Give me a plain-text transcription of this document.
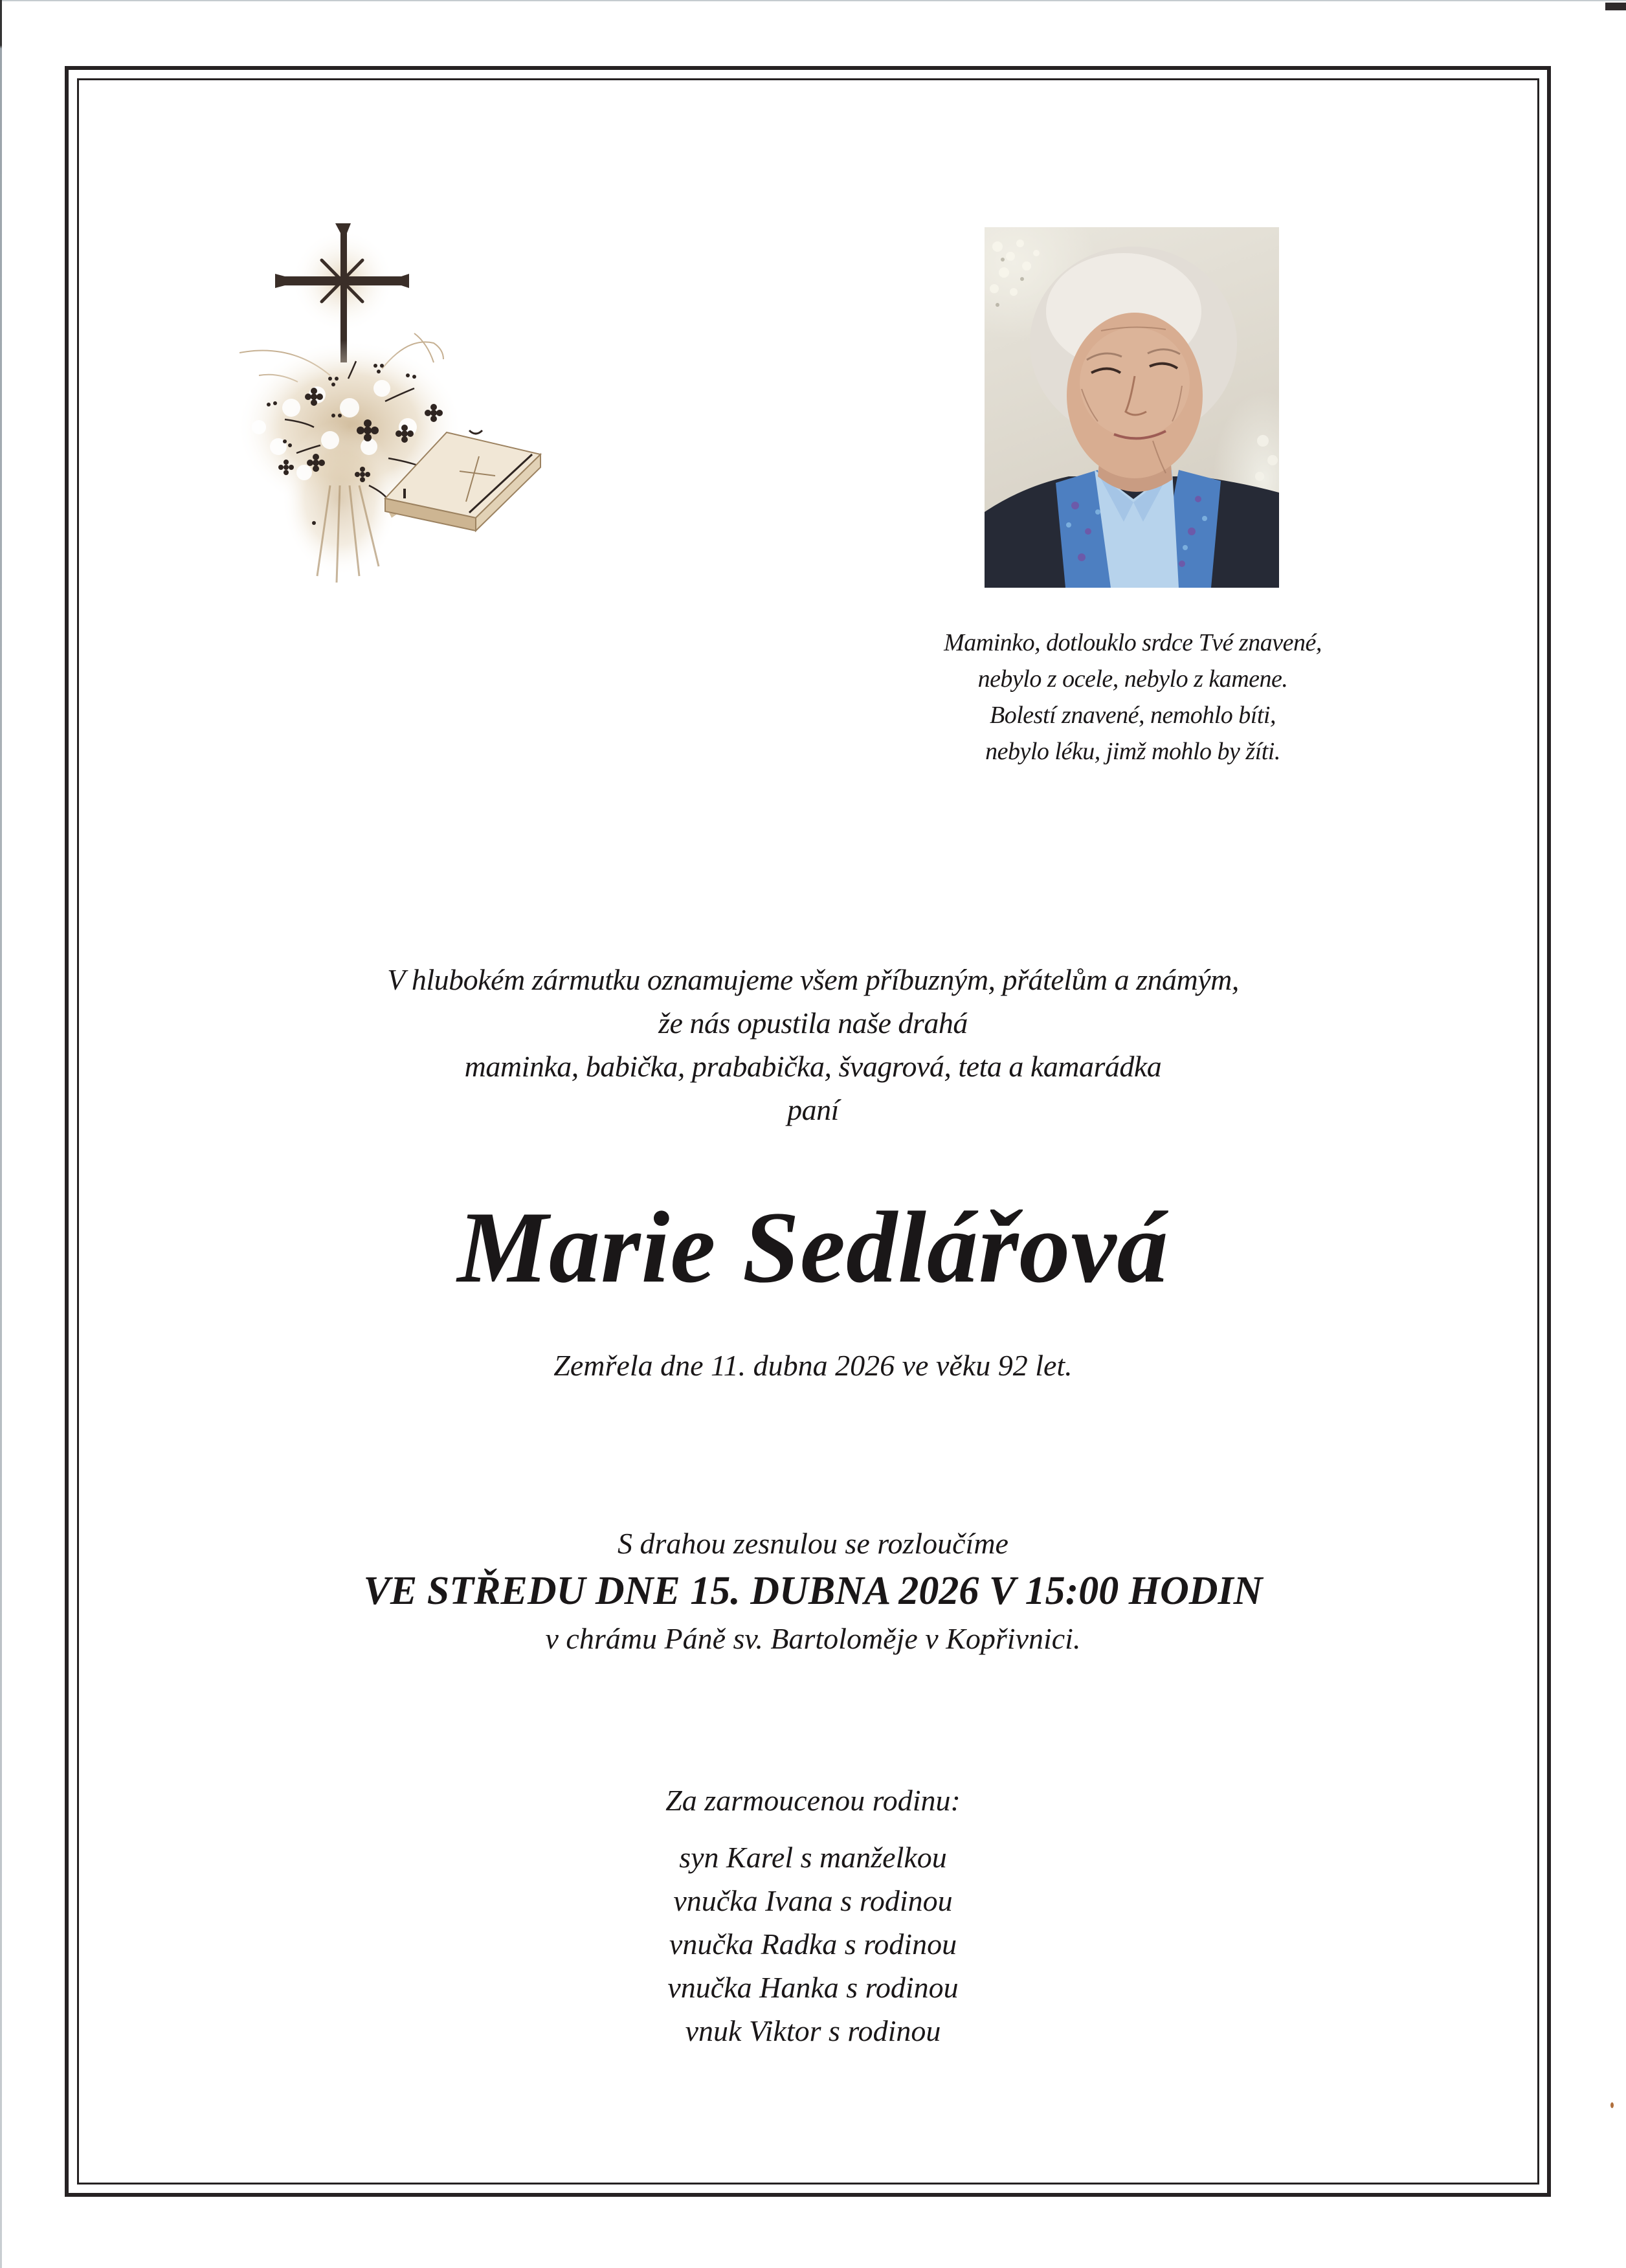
Maminko, dotlouklo srdce Tvé znavené,
nebylo z ocele, nebylo z kamene.
Bolestí znavené, nemohlo bíti,
nebylo léku, jimž mohlo by žíti.
V hlubokém zármutku oznamujeme všem příbuzným, přátelům a známým,
že nás opustila naše drahá
maminka, babička, prababička, švagrová, teta a kamarádka
paní
Marie Sedlářová
Zemřela dne 11. dubna 2026 ve věku 92 let.
S drahou zesnulou se rozloučíme
VE STŘEDU DNE 15. DUBNA 2026 V 15:00 HODIN
v chrámu Páně sv. Bartoloměje v Kopřivnici.
Za zarmoucenou rodinu:
syn Karel s manželkou
vnučka Ivana s rodinou
vnučka Radka s rodinou
vnučka Hanka s rodinou
vnuk Viktor s rodinou
